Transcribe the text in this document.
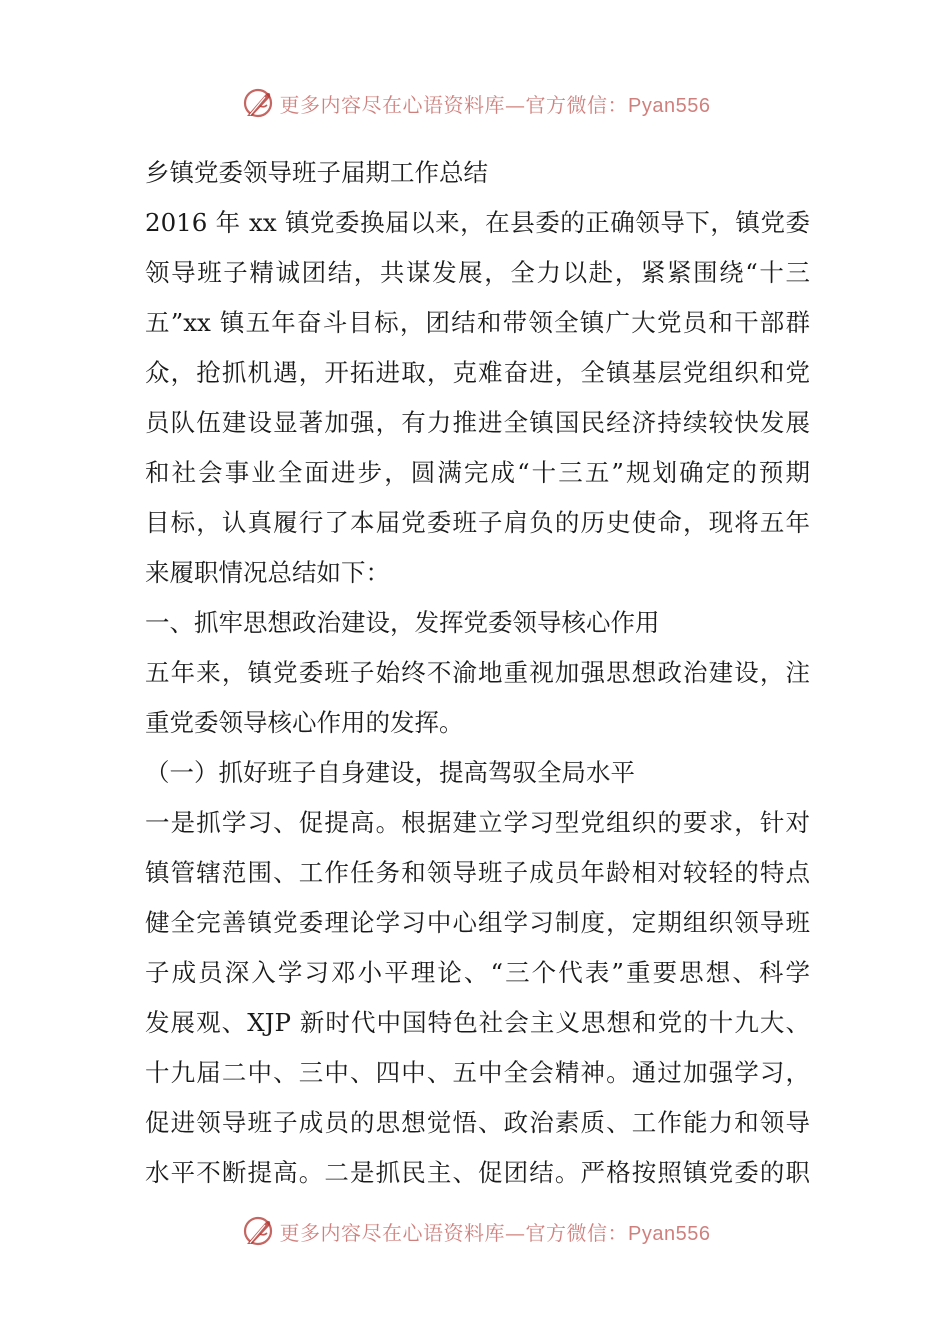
更多内容尽在心语资料库—官方微信：Pyan556
乡镇党委领导班子届期工作总结
2016 年 xx 镇党委换届以来，在县委的正确领导下，镇党委
领导班子精诚团结，共谋发展，全力以赴，紧紧围绕“十三
五”xx 镇五年奋斗目标，团结和带领全镇广大党员和干部群
众，抢抓机遇，开拓进取，克难奋进，全镇基层党组织和党
员队伍建设显著加强，有力推进全镇国民经济持续较快发展
和社会事业全面进步，圆满完成“十三五”规划确定的预期
目标，认真履行了本届党委班子肩负的历史使命，现将五年
来履职情况总结如下：
一、抓牢思想政治建设，发挥党委领导核心作用
五年来，镇党委班子始终不渝地重视加强思想政治建设，注
重党委领导核心作用的发挥。
（一）抓好班子自身建设，提高驾驭全局水平
一是抓学习、促提高。根据建立学习型党组织的要求，针对
镇管辖范围、工作任务和领导班子成员年龄相对较轻的特点
健全完善镇党委理论学习中心组学习制度，定期组织领导班
子成员深入学习邓小平理论、“三个代表”重要思想、科学
发展观、XJP 新时代中国特色社会主义思想和党的十九大、
十九届二中、三中、四中、五中全会精神。通过加强学习，
促进领导班子成员的思想觉悟、政治素质、工作能力和领导
水平不断提高。二是抓民主、促团结。严格按照镇党委的职
更多内容尽在心语资料库—官方微信：Pyan556
